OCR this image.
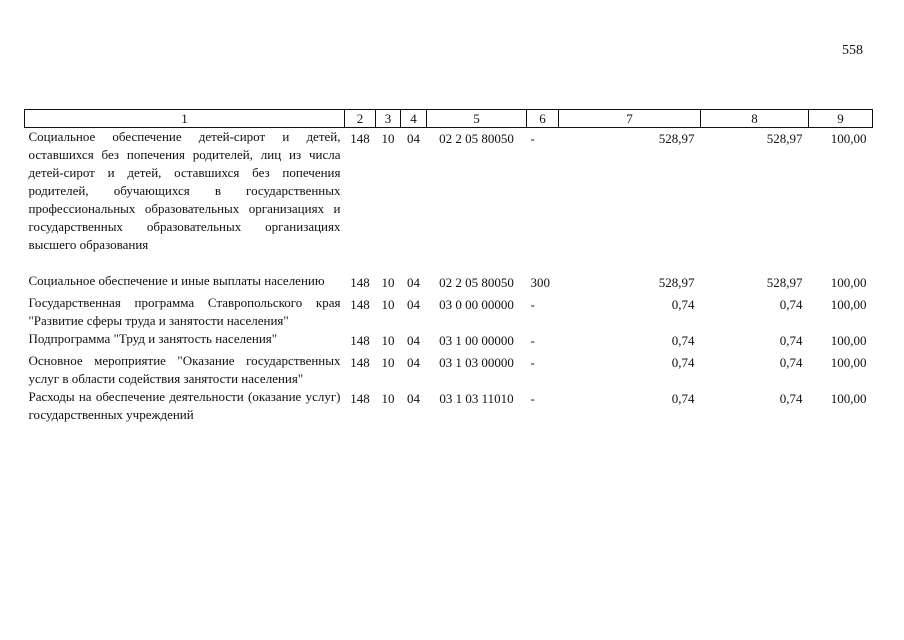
558
1	2	3	4	5	6	7	8	9
Социальное обеспечение детей-сирот и детей, оставшихся без попечения родителей, лиц из числа детей-сирот и детей, оставшихся без попечения родителей, обучающихся в государственных профессиональных образовательных организациях и государственных образовательных организациях высшего образования	148	10	04	02 2 05 80050	-	528,97	528,97	100,00
Социальное обеспечение и иные выплаты населению	148	10	04	02 2 05 80050	300	528,97	528,97	100,00
Государственная программа Ставропольского края "Развитие сферы труда и занятости населения"	148	10	04	03 0 00 00000	-	0,74	0,74	100,00
Подпрограмма "Труд и занятость населения"	148	10	04	03 1 00 00000	-	0,74	0,74	100,00
Основное мероприятие "Оказание государственных услуг в области содействия занятости населения"	148	10	04	03 1 03 00000	-	0,74	0,74	100,00
Расходы на обеспечение деятельности (оказание услуг) государственных учреждений	148	10	04	03 1 03 11010	-	0,74	0,74	100,00
